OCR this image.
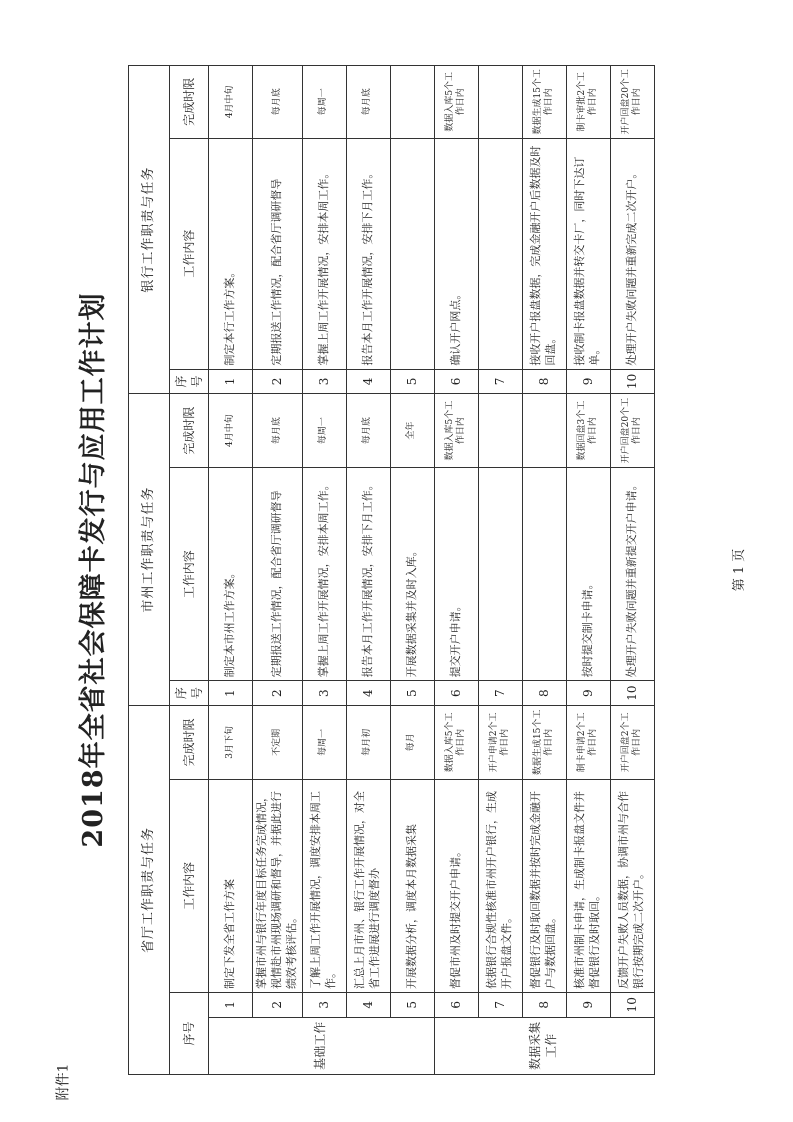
附件1
2018年全省社会保障卡发行与应用工作计划
省厅工作职责与任务				市州工作职责与任务			银行工作职责与任务		
序号		工作内容	完成时限	序号	工作内容	完成时限	序号	工作内容	完成时限
基础工作	1	制定下发全省工作方案	3月下旬	1	制定本市州工作方案。	4月中旬	1	制定本行工作方案。	4月中旬
	2	掌握市州与银行年度目标任务完成情况，视情赴市州现场调研和督导，并据此进行绩效考核评估。	不定期	2	定期报送工作情况，配合省厅调研督导	每月底	2	定期报送工作情况，配合省厅调研督导	每月底
	3	了解上周工作开展情况，调度安排本周工作。	每周一	3	掌握上周工作开展情况，安排本周工作。	每周一	3	掌握上周工作开展情况，安排本周工作。	每周一
	4	汇总上月市州、银行工作开展情况，对全省工作进展进行调度督办	每月初	4	报告本月工作开展情况，安排下月工作。	每月底	4	报告本月工作开展情况，安排下月工作。	每月底
	5	开展数据分析，调度本月数据采集	每月	5	开展数据采集并及时入库。	全年	5		
数据采集工作	6	督促市州及时提交开户申请。	数据入库5个工作日内	6	提交开户申请。	数据入库5个工作日内	6	确认开户网点。	数据入库5个工作日内
	7	依据银行合规性核准市州开户银行，生成开户报盘文件。	开户申请2个工作日内	7			7		
	8	督促银行及时取回数据并按时完成金融开户与数据回盘。	数据生成15个工作日内	8			8	接收开户报盘数据，完成金融开户后数据及时回盘。	数据生成15个工作日内
	9	核准市州制卡申请，生成制卡报盘文件并督促银行及时取回。	制卡申请2个工作日内	9	按时提交制卡申请。	数据回盘3个工作日内	9	接收制卡报盘数据并转交卡厂，同时下达订单。	制卡审批2个工作日内
	10	反馈开户失败人员数据，协调市州与合作银行按期完成二次开户。	开户回盘2个工作日内	10	处理开户失败问题并重新提交开户申请。	开户回盘20个工作日内	10	处理开户失败问题并重新完成二次开户。	开户回盘20个工作日内
第 1 页
